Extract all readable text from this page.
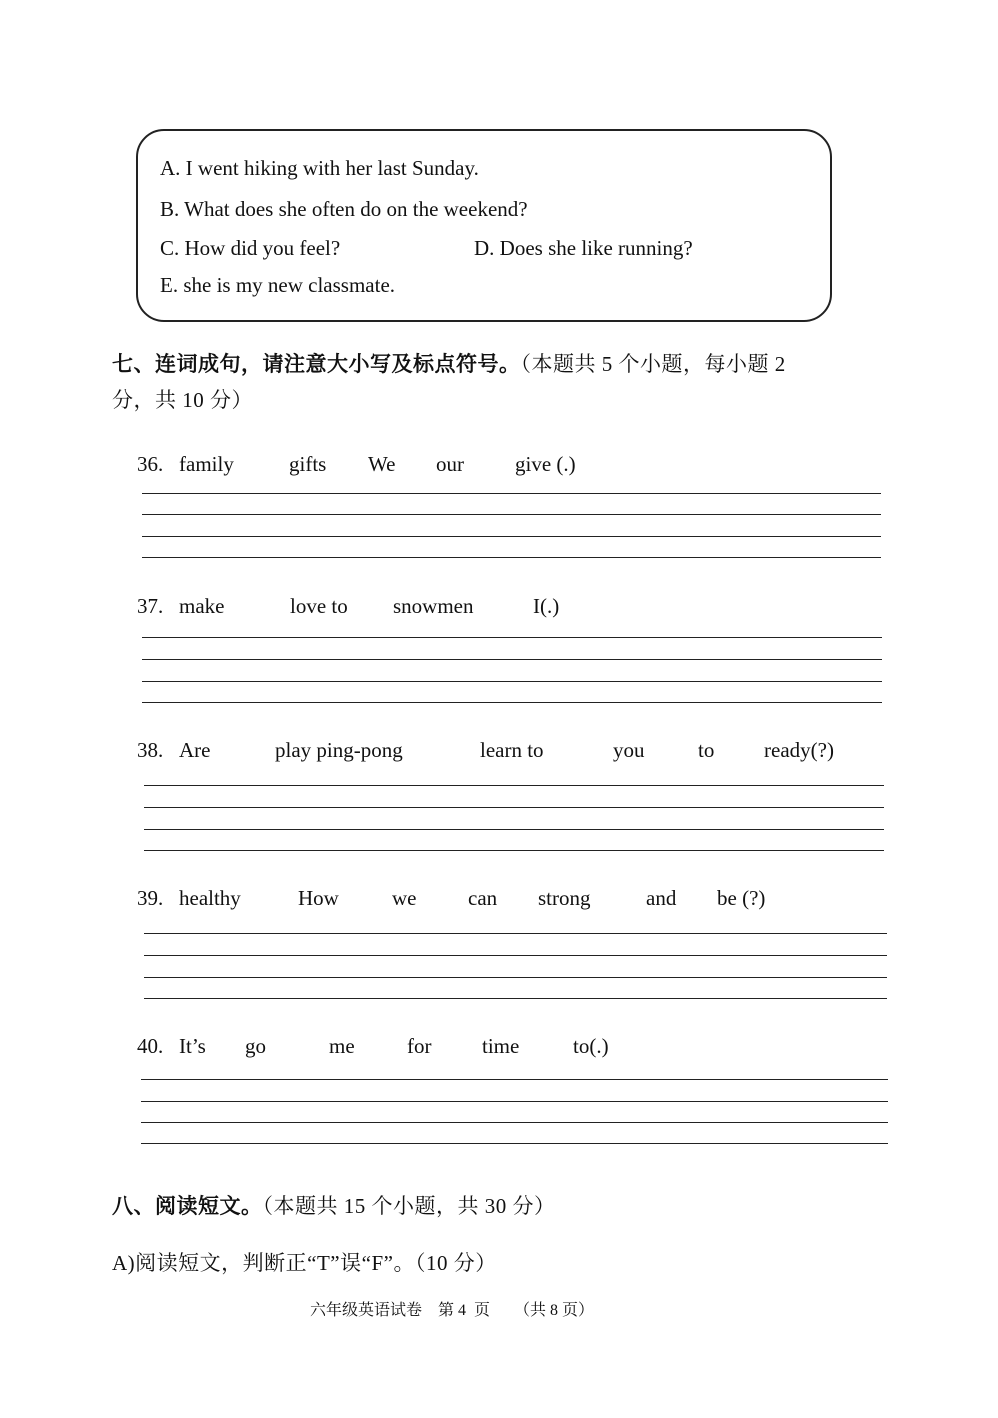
A. I went hiking with her last Sunday.
B. What does she often do on the weekend?
C. How did you feel?	D. Does she like running?
E. she is my new classmate.
七、连词成句，请注意大小写及标点符号。（本题共 5 个小题，每小题 2
分，共 10 分）
36. family	gifts We our give (.)
37. make	love to snowmen	I(.)
38. Are	play ping-pong	learn to	you	to ready(?)
39. healthy	How	we can strong	and be (?)
40. It’s go	me for time	to(.)
八、阅读短文。（本题共 15 个小题，共 30 分）
A)阅读短文，判断正“T”误“F”。（10 分）
六年级英语试卷    第 4  页      （共 8 页）
